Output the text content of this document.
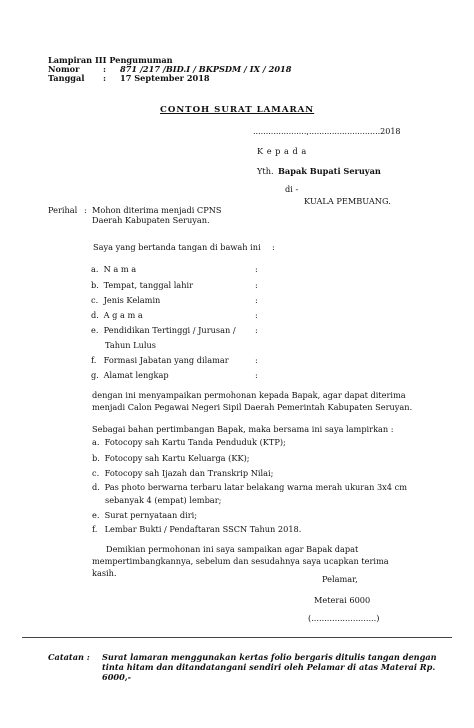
Lampiran III Pengumuman
Nomor	: 871 /217 /BID.I / BKPSDM / IX / 2018
Tanggal : 17 September 2018
CONTOH SURAT LAMARAN
.....................,............................2018
K e p a d a
Yth. Bapak Bupati Seruyan
di -
KUALA PEMBUANG.
Perihal : Mohon diterima menjadi CPNS
Daerah Kabupaten Seruyan.
Saya yang bertanda tangan di bawah ini :
a. N a m a	:
b. Tempat, tanggal lahir	:
c. Jenis Kelamin	:
d. A g a m a	:
e. Pendidikan Tertinggi / Jurusan / :
Tahun Lulus
f. Formasi Jabatan yang dilamar	:
g. Alamat lengkap	:
dengan ini menyampaikan permohonan kepada Bapak, agar dapat diterima
menjadi Calon Pegawai Negeri Sipil Daerah Pemerintah Kabupaten Seruyan.
Sebagai bahan pertimbangan Bapak, maka bersama ini saya lampirkan :
a. Fotocopy sah Kartu Tanda Penduduk (KTP);
b. Fotocopy sah Kartu Keluarga (KK);
c. Fotocopy sah Ijazah dan Transkrip Nilai;
d. Pas photo berwarna terbaru latar belakang warna merah ukuran 3x4 cm
sebanyak 4 (empat) lembar;
e. Surat pernyataan diri;
f. Lembar Bukti / Pendaftaran SSCN Tahun 2018.
Demikian permohonan ini saya sampaikan agar Bapak dapat
mempertimbangkannya, sebelum dan sesudahnya saya ucapkan terima
kasih.
Pelamar,
Meterai 6000
(.........................)
Catatan : Surat lamaran menggunakan kertas folio bergaris ditulis tangan dengan
tinta hitam dan ditandatangani sendiri oleh Pelamar di atas Materai Rp.
6000,-
